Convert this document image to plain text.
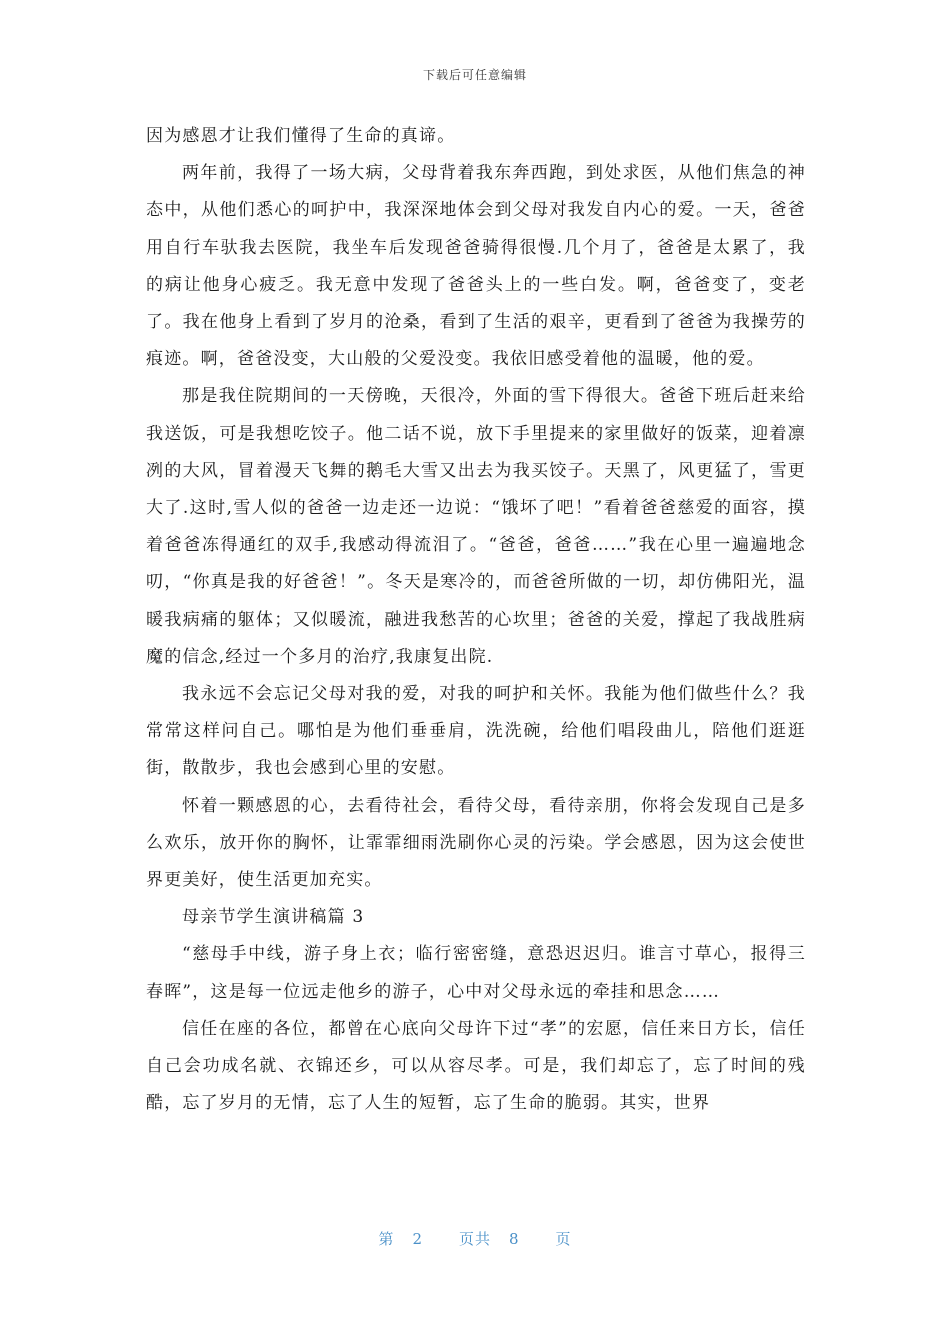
下载后可任意编辑

因为感恩才让我们懂得了生命的真谛。

两年前，我得了一场大病，父母背着我东奔西跑，到处求医，从他们焦急的神态中，从他们悉心的呵护中，我深深地体会到父母对我发自内心的爱。一天，爸爸用自行车驮我去医院，我坐车后发现爸爸骑得很慢.几个月了，爸爸是太累了，我的病让他身心疲乏。我无意中发现了爸爸头上的一些白发。啊，爸爸变了，变老了。我在他身上看到了岁月的沧桑，看到了生活的艰辛，更看到了爸爸为我操劳的痕迹。啊，爸爸没变，大山般的父爱没变。我依旧感受着他的温暖，他的爱。

那是我住院期间的一天傍晚，天很冷，外面的雪下得很大。爸爸下班后赶来给我送饭，可是我想吃饺子。他二话不说，放下手里提来的家里做好的饭菜，迎着凛冽的大风，冒着漫天飞舞的鹅毛大雪又出去为我买饺子。天黑了，风更猛了，雪更大了.这时,雪人似的爸爸一边走还一边说：“饿坏了吧！”看着爸爸慈爱的面容，摸着爸爸冻得通红的双手,我感动得流泪了。“爸爸，爸爸……”我在心里一遍遍地念叨，“你真是我的好爸爸！”。冬天是寒冷的，而爸爸所做的一切，却仿佛阳光，温暖我病痛的躯体；又似暖流，融进我愁苦的心坎里；爸爸的关爱，撑起了我战胜病魔的信念,经过一个多月的治疗,我康复出院.

我永远不会忘记父母对我的爱，对我的呵护和关怀。我能为他们做些什么？我常常这样问自己。哪怕是为他们垂垂肩，洗洗碗，给他们唱段曲儿，陪他们逛逛街，散散步，我也会感到心里的安慰。

怀着一颗感恩的心，去看待社会，看待父母，看待亲朋，你将会发现自己是多么欢乐，放开你的胸怀，让霏霏细雨洗刷你心灵的污染。学会感恩，因为这会使世界更美好，使生活更加充实。

母亲节学生演讲稿篇 3

“慈母手中线，游子身上衣；临行密密缝，意恐迟迟归。谁言寸草心，报得三春晖”，这是每一位远走他乡的游子，心中对父母永远的牵挂和思念……

信任在座的各位，都曾在心底向父母许下过“孝”的宏愿，信任来日方长，信任自己会功成名就、衣锦还乡，可以从容尽孝。可是，我们却忘了，忘了时间的残酷，忘了岁月的无情，忘了人生的短暂，忘了生命的脆弱。其实，世界

第 2 页共 8 页
